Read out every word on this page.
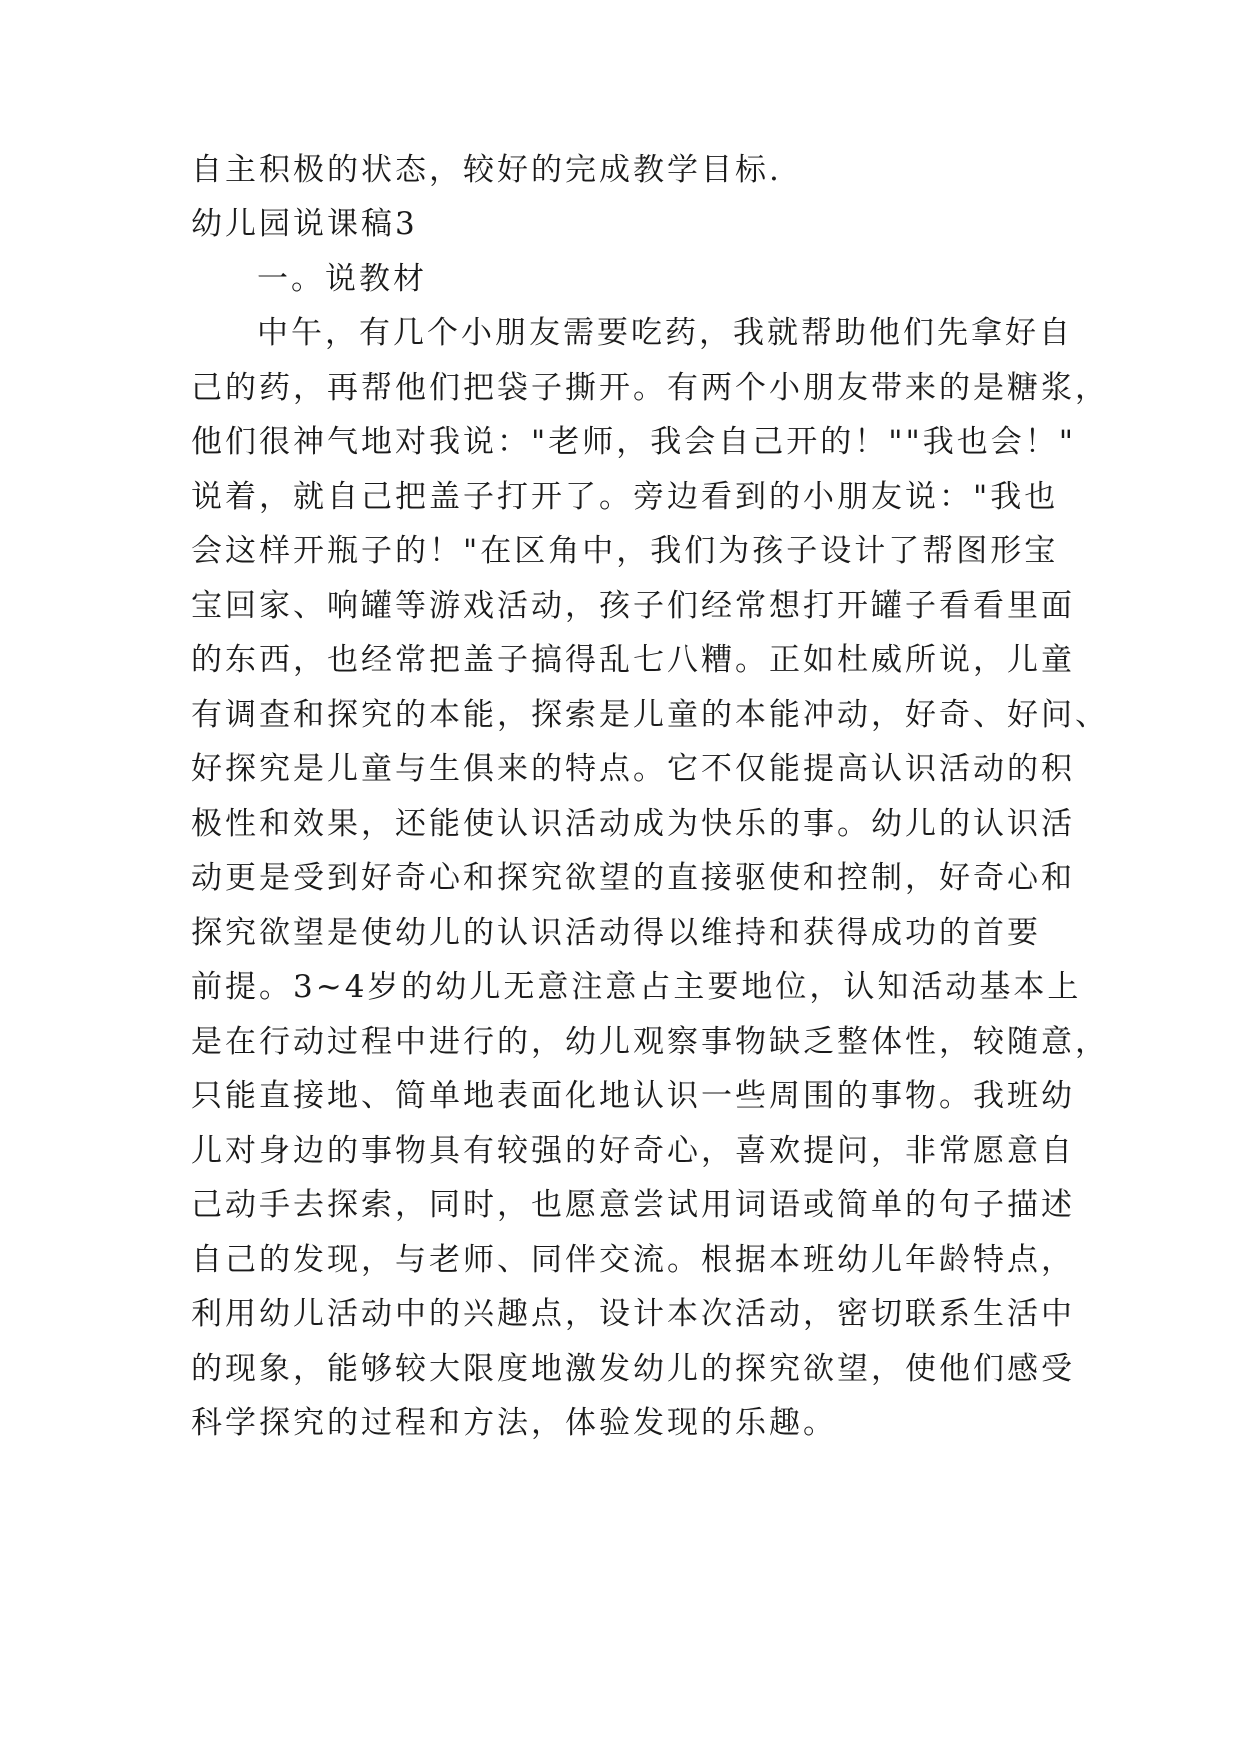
自主积极的状态，较好的完成教学目标.
幼儿园说课稿3
一。说教材
中午，有几个小朋友需要吃药，我就帮助他们先拿好自
己的药，再帮他们把袋子撕开。有两个小朋友带来的是糖浆，
他们很神气地对我说："老师，我会自己开的！""我也会！"
说着，就自己把盖子打开了。旁边看到的小朋友说："我也
会这样开瓶子的！"在区角中，我们为孩子设计了帮图形宝
宝回家、响罐等游戏活动，孩子们经常想打开罐子看看里面
的东西，也经常把盖子搞得乱七八糟。正如杜威所说，儿童
有调查和探究的本能，探索是儿童的本能冲动，好奇、好问、
好探究是儿童与生俱来的特点。它不仅能提高认识活动的积
极性和效果，还能使认识活动成为快乐的事。幼儿的认识活
动更是受到好奇心和探究欲望的直接驱使和控制，好奇心和
探究欲望是使幼儿的认识活动得以维持和获得成功的首要
前提。3~4岁的幼儿无意注意占主要地位，认知活动基本上
是在行动过程中进行的，幼儿观察事物缺乏整体性，较随意，
只能直接地、简单地表面化地认识一些周围的事物。我班幼
儿对身边的事物具有较强的好奇心，喜欢提问，非常愿意自
己动手去探索，同时，也愿意尝试用词语或简单的句子描述
自己的发现，与老师、同伴交流。根据本班幼儿年龄特点，
利用幼儿活动中的兴趣点，设计本次活动，密切联系生活中
的现象，能够较大限度地激发幼儿的探究欲望，使他们感受
科学探究的过程和方法，体验发现的乐趣。
